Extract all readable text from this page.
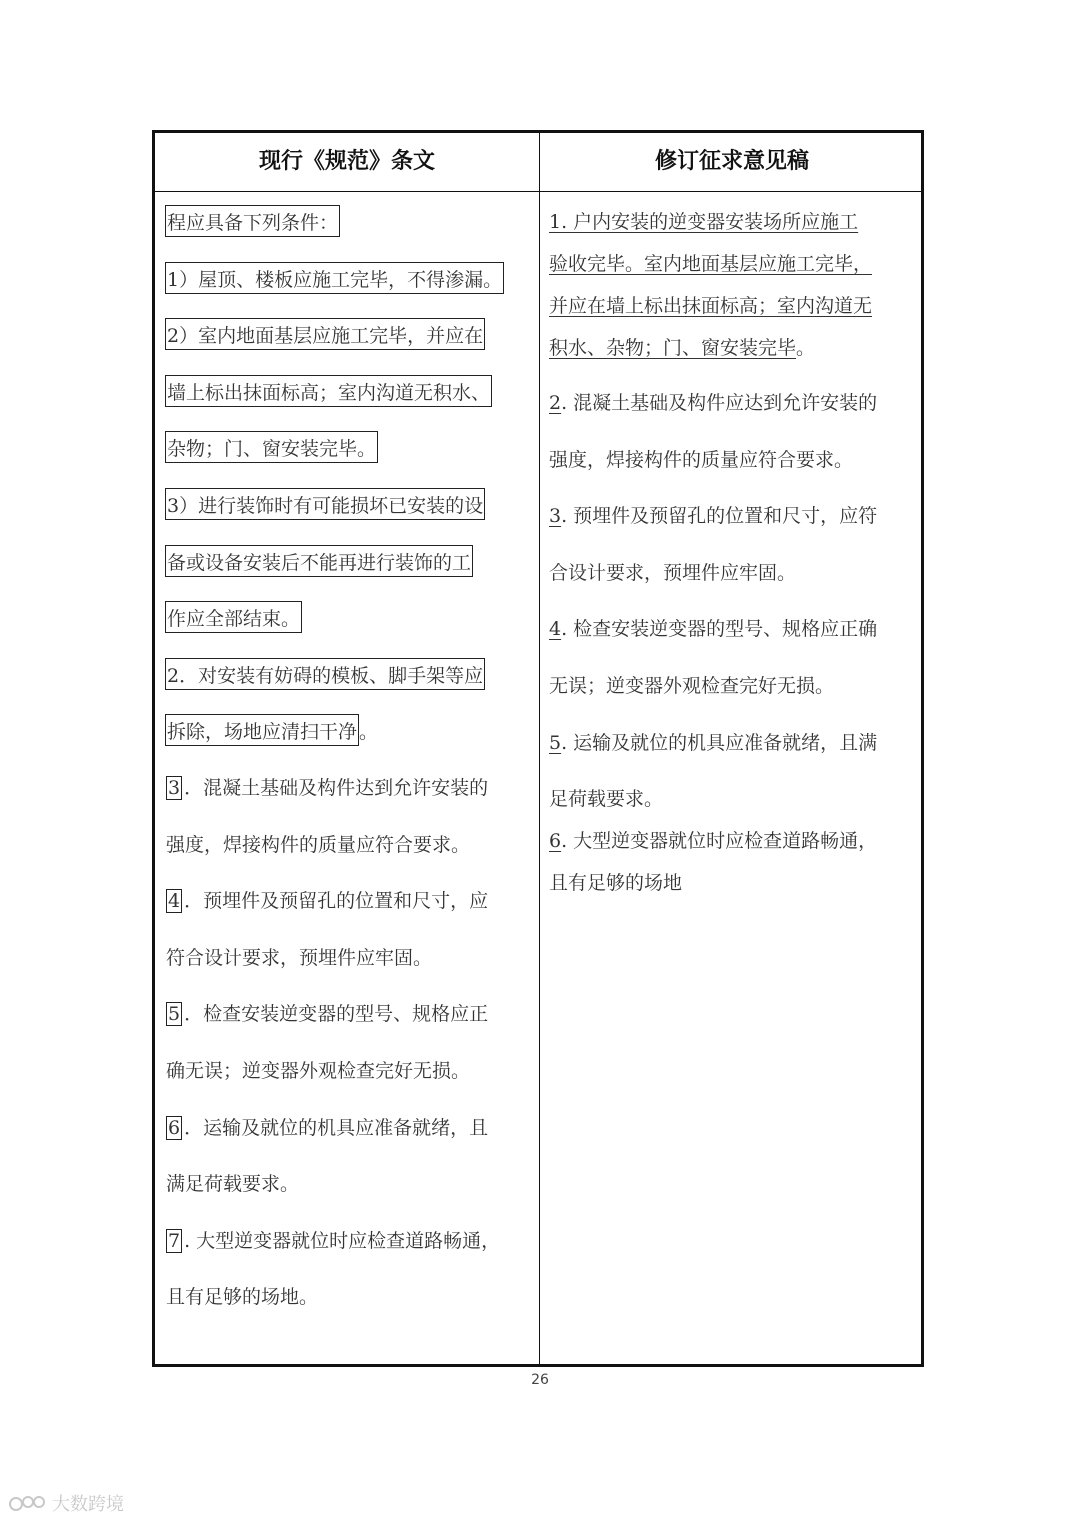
现行《规范》条文	修订征求意见稿
程应具备下列条件：
1）屋顶、楼板应施工完毕，不得渗漏。
2）室内地面基层应施工完毕，并应在
墙上标出抹面标高；室内沟道无积水、
杂物；门、窗安装完毕。
3）进行装饰时有可能损坏已安装的设
备或设备安装后不能再进行装饰的工
作应全部结束。
2．对安装有妨碍的模板、脚手架等应
拆除，场地应清扫干净 。
3 ．混凝土基础及构件达到允许安装的
强度，焊接构件的质量应符合要求。
4 ．预埋件及预留孔的位置和尺寸，应
符合设计要求，预埋件应牢固。
5 ．检查安装逆变器的型号、规格应正
确无误；逆变器外观检查完好无损。
6 ．运输及就位的机具应准备就绪，且
满足荷载要求。
7 . 大型逆变器就位时应检查道路畅通，
且有足够的场地。
1. 户内安装的逆变器安装场所应施工
验收完毕。室内地面基层应施工完毕，
并应在墙上标出抹面标高；室内沟道无
积水、杂物；门、窗安装完毕。
2. 混凝土基础及构件应达到允许安装的
强度，焊接构件的质量应符合要求。
3. 预埋件及预留孔的位置和尺寸，应符
合设计要求，预埋件应牢固。
4. 检查安装逆变器的型号、规格应正确
无误；逆变器外观检查完好无损。
5. 运输及就位的机具应准备就绪，且满
足荷载要求。
6. 大型逆变器就位时应检查道路畅通，
且有足够的场地
26
大数跨境
